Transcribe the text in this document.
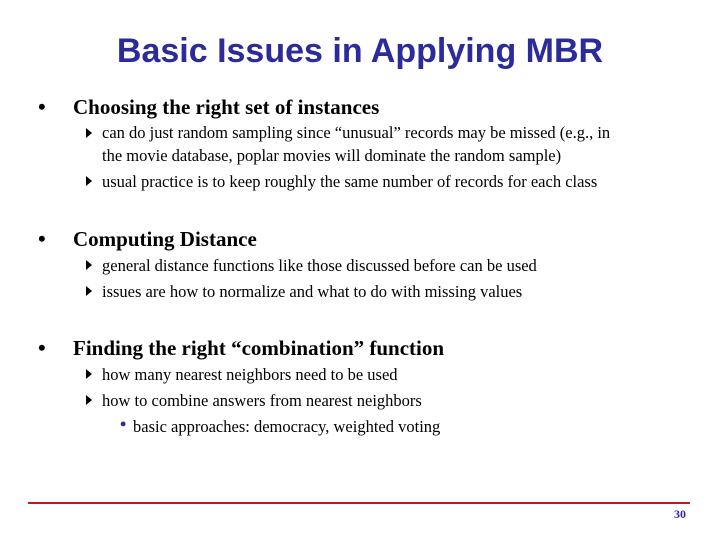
Basic Issues in Applying MBR
• Choosing the right set of instances
can do just random sampling since “unusual” records may be missed (e.g., in
the movie database, poplar movies will dominate the random sample)
usual practice is to keep roughly the same number of records for each class
• Computing Distance
general distance functions like those discussed before can be used
issues are how to normalize and what to do with missing values
• Finding the right “combination” function
how many nearest neighbors need to be used
how to combine answers from nearest neighbors
• basic approaches: democracy, weighted voting
30
